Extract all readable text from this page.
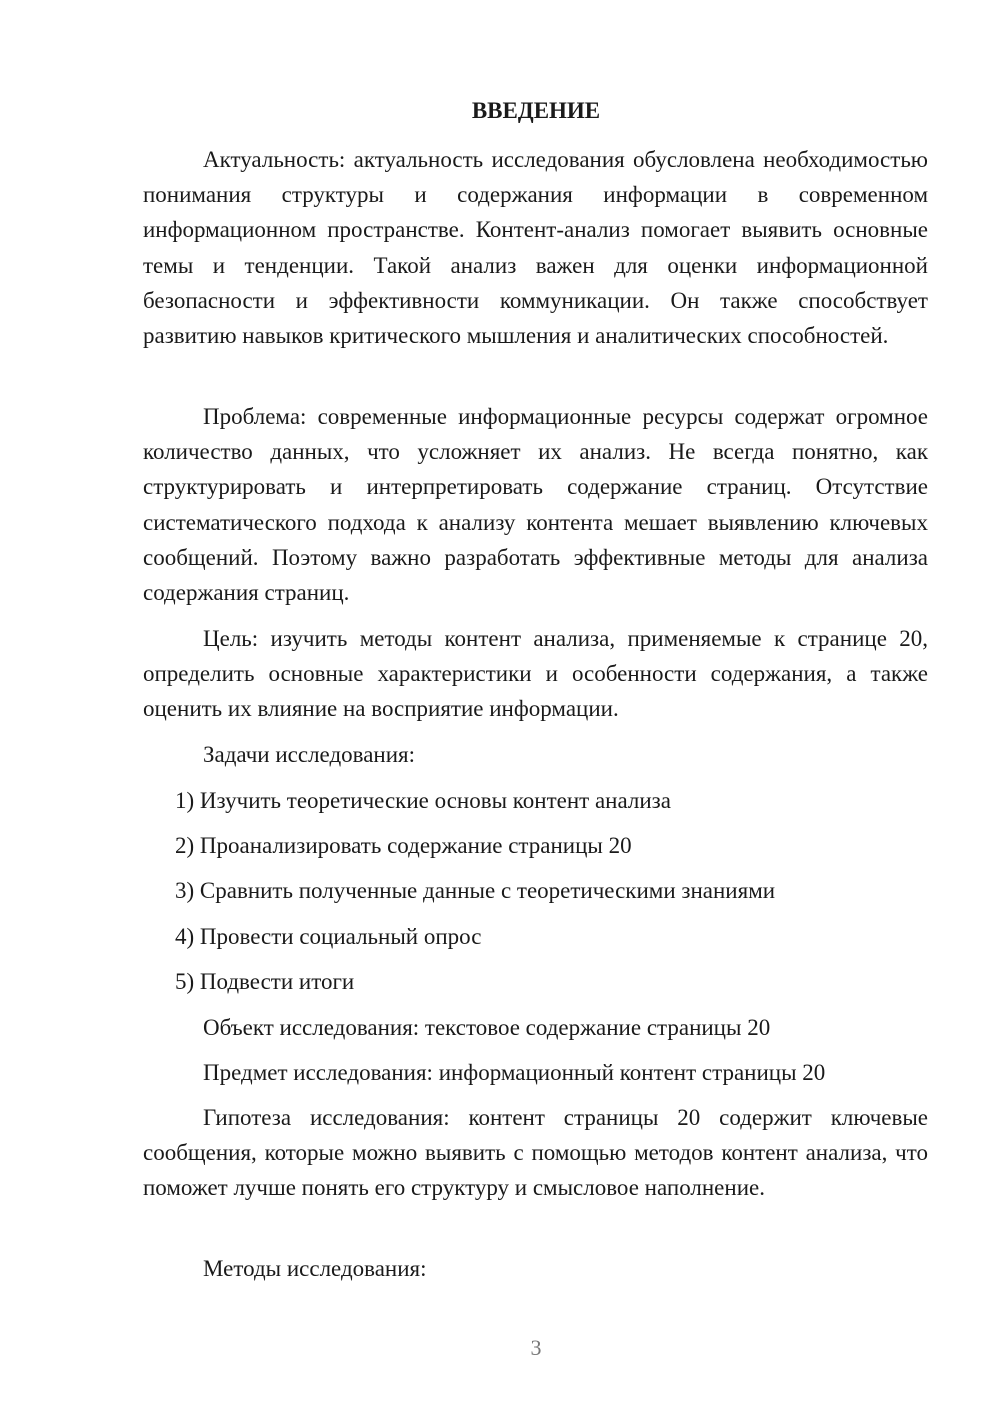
ВВЕДЕНИЕ

Актуальность: актуальность исследования обусловлена необходимостью понимания структуры и содержания информации в современном информационном пространстве. Контент-анализ помогает выявить основные темы и тенденции. Такой анализ важен для оценки информационной безопасности и эффективности коммуникации. Он также способствует развитию навыков критического мышления и аналитических способностей.

Проблема: современные информационные ресурсы содержат огромное количество данных, что усложняет их анализ. Не всегда понятно, как структурировать и интерпретировать содержание страниц. Отсутствие систематического подхода к анализу контента мешает выявлению ключевых сообщений. Поэтому важно разработать эффективные методы для анализа содержания страниц.

Цель: изучить методы контент анализа, применяемые к странице 20, определить основные характеристики и особенности содержания, а также оценить их влияние на восприятие информации.

Задачи исследования:

1) Изучить теоретические основы контент анализа
2) Проанализировать содержание страницы 20
3) Сравнить полученные данные с теоретическими знаниями
4) Провести социальный опрос
5) Подвести итоги

Объект исследования: текстовое содержание страницы 20

Предмет исследования: информационный контент страницы 20

Гипотеза исследования: контент страницы 20 содержит ключевые сообщения, которые можно выявить с помощью методов контент анализа, что поможет лучше понять его структуру и смысловое наполнение.

Методы исследования:

3
